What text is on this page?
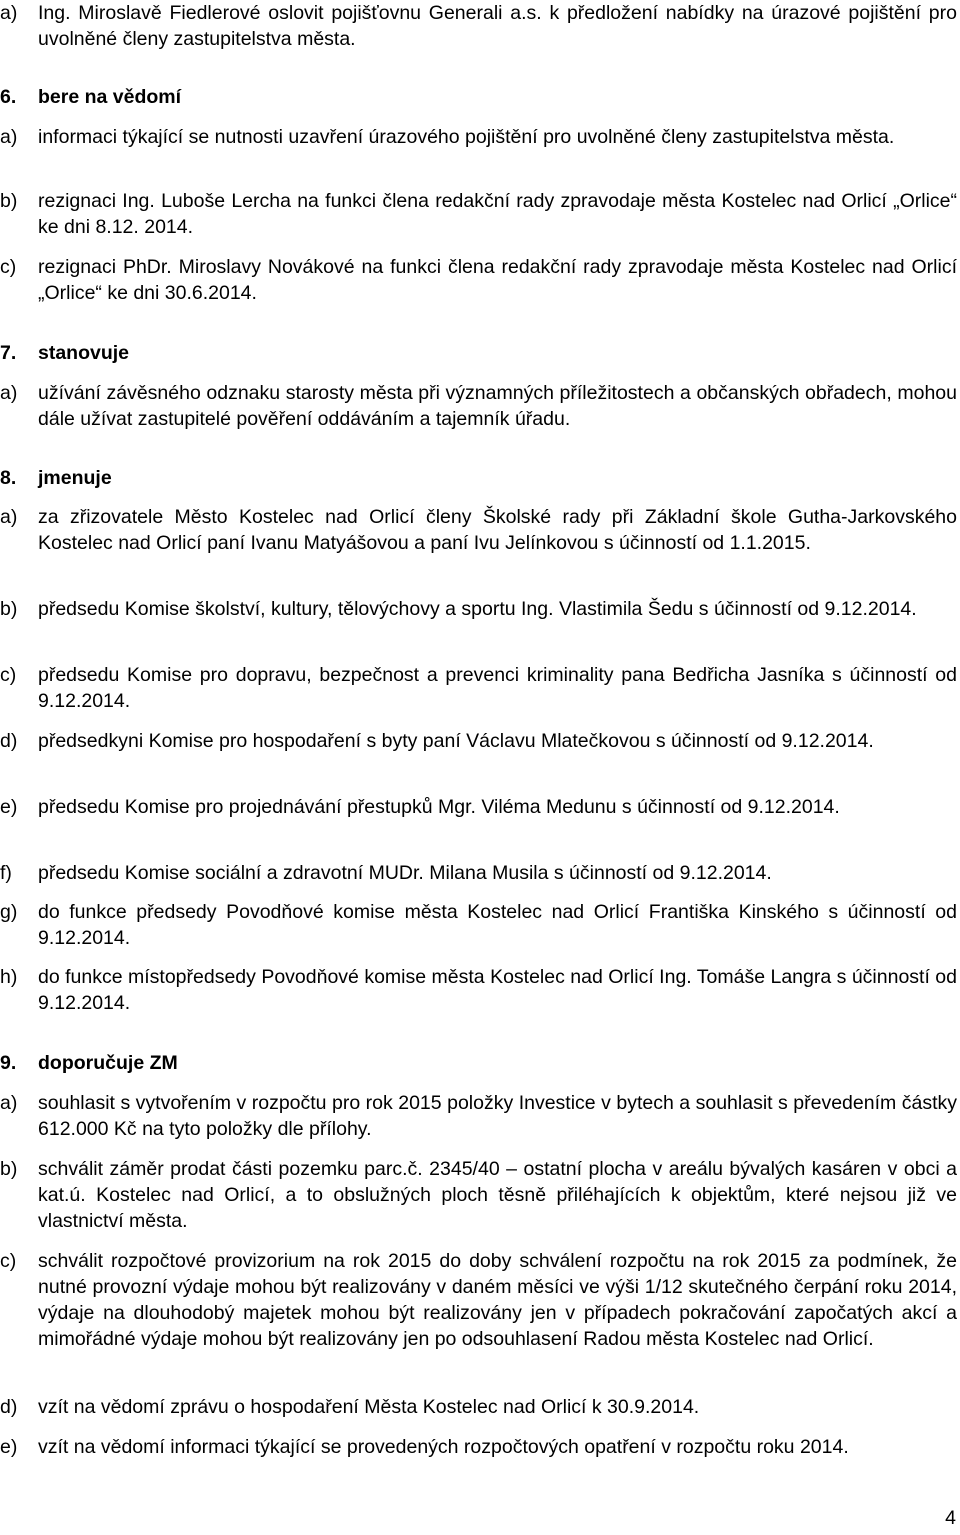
a) Ing. Miroslavě Fiedlerové oslovit pojišťovnu Generali a.s. k předložení nabídky na úrazové pojištění pro uvolněné členy zastupitelstva města.
6. bere na vědomí
a) informaci týkající se nutnosti uzavření úrazového pojištění pro uvolněné členy zastupitelstva města.
b) rezignaci Ing. Luboše Lercha na funkci člena redakční rady zpravodaje města Kostelec nad Orlicí „Orlice“ ke dni 8.12. 2014.
c) rezignaci PhDr. Miroslavy Novákové na funkci člena redakční rady zpravodaje města Kostelec nad Orlicí „Orlice“ ke dni 30.6.2014.
7. stanovuje
a) užívání závěsného odznaku starosty města při významných příležitostech a občanských obřadech, mohou dále užívat zastupitelé pověření oddáváním a tajemník úřadu.
8. jmenuje
a) za zřizovatele Město Kostelec nad Orlicí členy Školské rady při Základní škole Gutha-Jarkovského Kostelec nad Orlicí paní Ivanu Matyášovou a paní Ivu Jelínkovou s účinností od 1.1.2015.
b) předsedu Komise školství, kultury, tělovýchovy a sportu Ing. Vlastimila Šedu s účinností od 9.12.2014.
c) předsedu Komise pro dopravu, bezpečnost a prevenci kriminality pana Bedřicha Jasníka s účinností od 9.12.2014.
d) předsedkyni Komise pro hospodaření s byty paní Václavu Mlatečkovou s účinností od 9.12.2014.
e) předsedu Komise pro projednávání přestupků Mgr. Viléma Medunu s účinností od 9.12.2014.
f) předsedu Komise sociální a zdravotní MUDr. Milana Musila s účinností od 9.12.2014.
g) do funkce předsedy Povodňové komise města Kostelec nad Orlicí Františka Kinského s účinností od 9.12.2014.
h) do funkce místopředsedy Povodňové komise města Kostelec nad Orlicí Ing. Tomáše Langra s účinností od 9.12.2014.
9. doporučuje ZM
a) souhlasit s vytvořením v rozpočtu pro rok 2015 položky Investice v bytech a souhlasit s převedením částky 612.000 Kč na tyto položky dle přílohy.
b) schválit záměr prodat části pozemku parc.č. 2345/40 – ostatní plocha v areálu bývalých kasáren v obci a kat.ú. Kostelec nad Orlicí, a to obslužných ploch těsně přiléhajících k objektům, které nejsou již ve vlastnictví města.
c) schválit rozpočtové provizorium na rok 2015 do doby schválení rozpočtu na rok 2015 za podmínek, že nutné provozní výdaje mohou být realizovány v daném měsíci ve výši 1/12 skutečného čerpání roku 2014, výdaje na dlouhodobý majetek mohou být realizovány jen v případech pokračování započatých akcí a mimořádné výdaje mohou být realizovány jen po odsouhlasení Radou města Kostelec nad Orlicí.
d) vzít na vědomí zprávu o hospodaření Města Kostelec nad Orlicí k 30.9.2014.
e) vzít na vědomí informaci týkající se provedených rozpočtových opatření v rozpočtu roku 2014.
4
